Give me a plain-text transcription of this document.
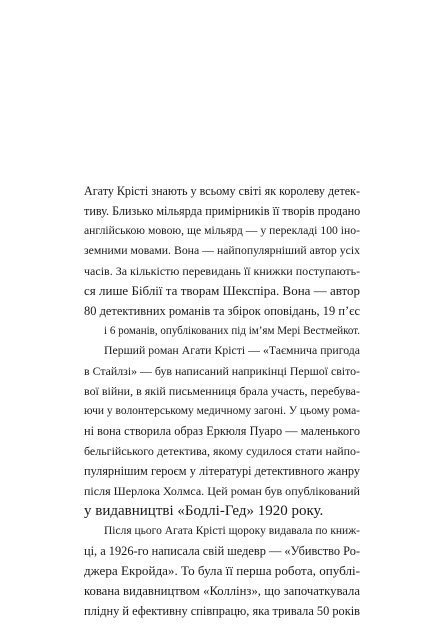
Агату Крісті знають у всьому світі як королеву детек-
тиву. Близько мільярда примірників її творів продано
англійською мовою, ще мільярд — у перекладі 100 іно-
земними мовами. Вона — найпопулярніший автор усіх
часів. За кількістю перевидань її книжки поступають-
ся лише Біблії та творам Шекспіра. Вона — автор
80 детективних романів та збірок оповідань, 19 п’єс
і 6 романів, опублікованих під ім’ям Мері Вестмейкот.
Перший роман Агати Крісті — «Таємнича пригода
в Стайлзі» — був написаний наприкінці Першої світо-
вої війни, в якій письменниця брала участь, перебува-
ючи у волонтерському медичному загоні. У цьому рома-
ні вона створила образ Еркюля Пуаро — маленького
бельгійського детектива, якому судилося стати найпо-
пулярнішим героєм у літературі детективного жанру
після Шерлока Холмса. Цей роман був опублікований
у видавництві «Бодлі-Гед» 1920 року.
Після цього Агата Крісті щороку видавала по книж-
ці, а 1926-го написала свій шедевр — «Убивство Ро-
джера Екройда». То була її перша робота, опублі-
кована видавництвом «Коллінз», що започаткувала
плідну й ефективну співпрацю, яка тривала 50 років
